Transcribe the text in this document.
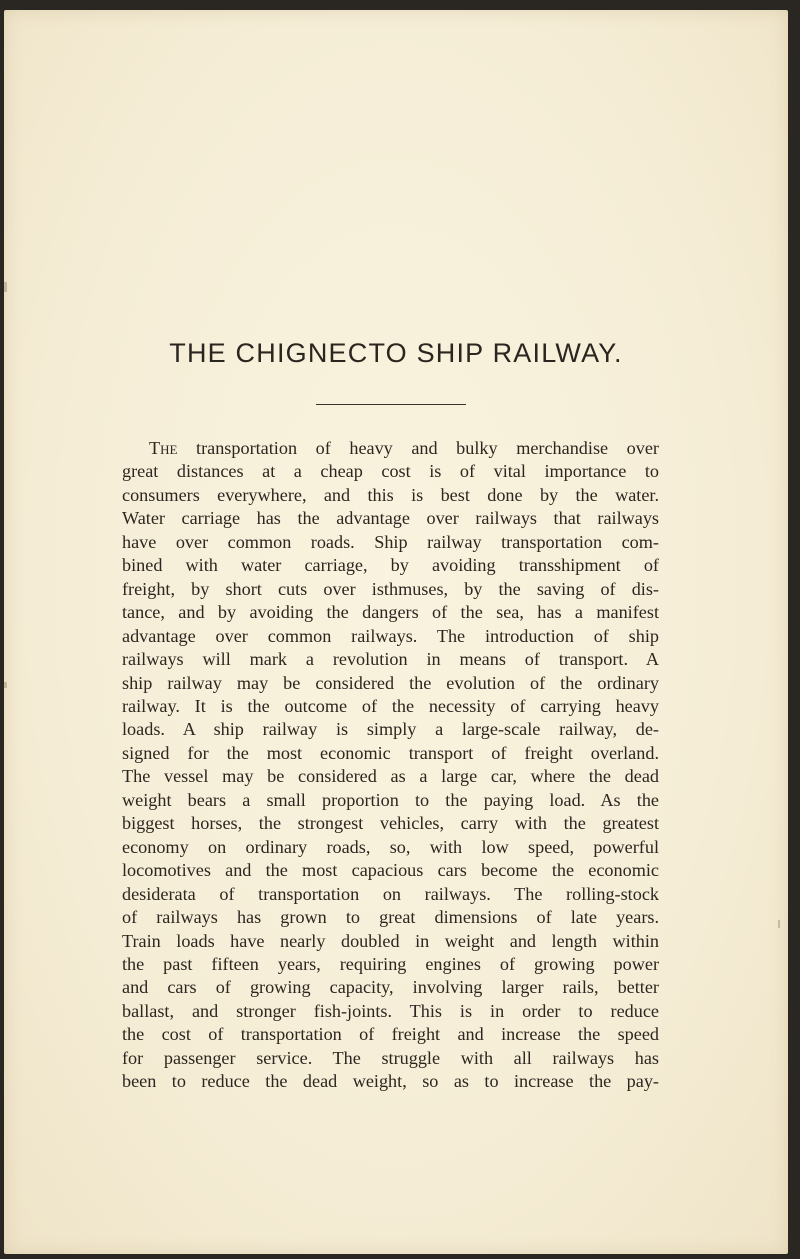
THE CHIGNECTO SHIP RAILWAY.

The transportation of heavy and bulky merchandise over
great distances at a cheap cost is of vital importance to
consumers everywhere, and this is best done by the water.
Water carriage has the advantage over railways that railways
have over common roads. Ship railway transportation com-
bined with water carriage, by avoiding transshipment of
freight, by short cuts over isthmuses, by the saving of dis-
tance, and by avoiding the dangers of the sea, has a manifest
advantage over common railways. The introduction of ship
railways will mark a revolution in means of transport. A
ship railway may be considered the evolution of the ordinary
railway. It is the outcome of the necessity of carrying heavy
loads. A ship railway is simply a large-scale railway, de-
signed for the most economic transport of freight overland.
The vessel may be considered as a large car, where the dead
weight bears a small proportion to the paying load. As the
biggest horses, the strongest vehicles, carry with the greatest
economy on ordinary roads, so, with low speed, powerful
locomotives and the most capacious cars become the economic
desiderata of transportation on railways. The rolling-stock
of railways has grown to great dimensions of late years.
Train loads have nearly doubled in weight and length within
the past fifteen years, requiring engines of growing power
and cars of growing capacity, involving larger rails, better
ballast, and stronger fish-joints. This is in order to reduce
the cost of transportation of freight and increase the speed
for passenger service. The struggle with all railways has
been to reduce the dead weight, so as to increase the pay-
